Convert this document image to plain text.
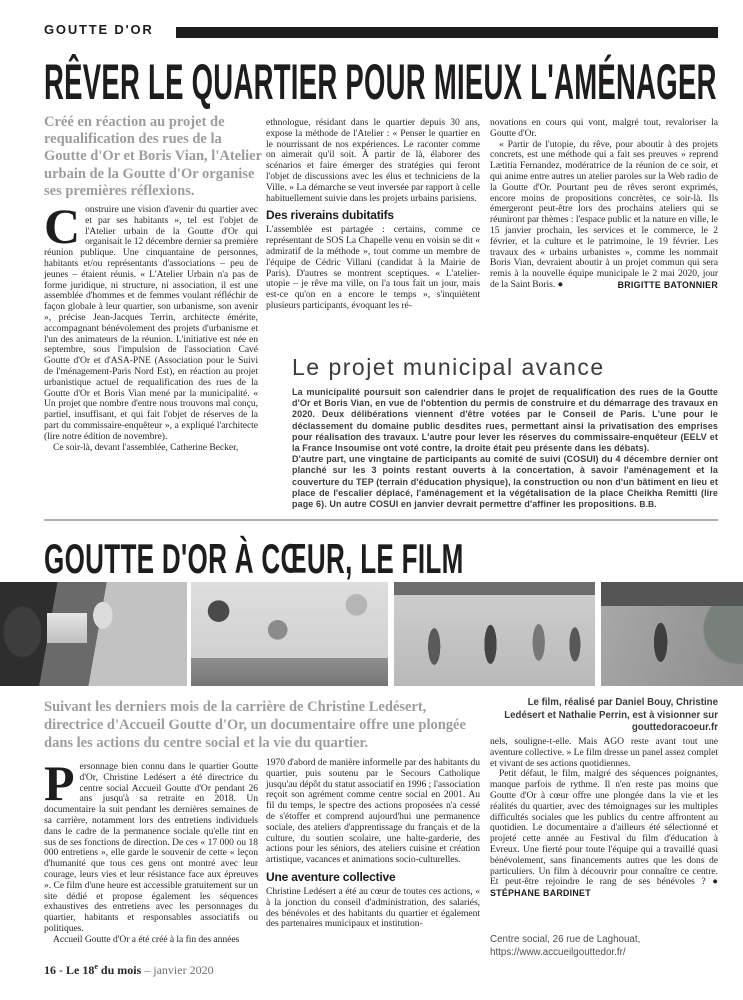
GOUTTE D'OR
RÊVER LE QUARTIER POUR MIEUX L'AMÉNAGER
Créé en réaction au projet de requalification des rues de la Goutte d'Or et Boris Vian, l'Atelier urbain de la Goutte d'Or organise ses premières réflexions.

Construire une vision d'avenir du quartier avec et par ses habitants », tel est l'objet de l'Atelier urbain de la Goutte d'Or qui organisait le 12 décembre dernier sa première réunion publique. Une cinquantaine de personnes, habitants et/ou représentants d'associations – peu de jeunes – étaient réunis. « L'Atelier Urbain n'a pas de forme juridique, ni structure, ni association, il est une assemblée d'hommes et de femmes voulant réfléchir de façon globale à leur quartier, son urbanisme, son avenir », précise Jean-Jacques Terrin, architecte émérite, accompagnant bénévolement des projets d'urbanisme et l'un des animateurs de la réunion. L'initiative est née en septembre, sous l'impulsion de l'association Cavé Goutte d'Or et d'ASA-PNE (Association pour le Suivi de l'ménagement-Paris Nord Est), en réaction au projet urbanistique actuel de requalification des rues de la Goutte d'Or et Boris Vian mené par la municipalité. « Un projet que nombre d'entre nous trouvons mal conçu, partiel, insuffisant, et qui fait l'objet de réserves de la part du commissaire-enquêteur », a expliqué l'architecte (lire notre édition de novembre).

Ce soir-là, devant l'assemblée, Catherine Becker,

ethnologue, résidant dans le quartier depuis 30 ans, expose la méthode de l'Atelier : « Penser le quartier en le nourrissant de nos expériences. Le raconter comme on aimerait qu'il soit. À partir de là, élaborer des scénarios et faire émerger des stratégies qui feront l'objet de discussions avec les élus et techniciens de la Ville. » La démarche se veut inversée par rapport à celle habituellement suivie dans les projets urbains parisiens.

Des riverains dubitatifs

L'assemblée est partagée : certains, comme ce représentant de SOS La Chapelle venu en voisin se dit « admiratif de la méthode », tout comme un membre de l'équipe de Cédric Villani (candidat à la Mairie de Paris). D'autres se montrent sceptiques. « L'atelier-utopie – je rêve ma ville, on l'a tous fait un jour, mais est-ce qu'on en a encore le temps », s'inquiètent plusieurs participants, évoquant les ré-

novations en cours qui vont, malgré tout, revaloriser la Goutte d'Or.

« Partir de l'utopie, du rêve, pour aboutir à des projets concrets, est une méthode qui a fait ses preuves » reprend Lætitia Fernandez, modératrice de la réunion de ce soir, et qui anime entre autres un atelier paroles sur la Web radio de la Goutte d'Or. Pourtant peu de rêves seront exprimés, encore moins de propositions concrètes, ce soir-là. Ils émergeront peut-être lors des prochains ateliers qui se réuniront par thèmes : l'espace public et la nature en ville, le 15 janvier prochain, les services et le commerce, le 2 février, et la culture et le patrimoine, le 19 février. Les travaux des « urbains urbanistes », comme les nommait Boris Vian, devraient aboutir à un projet commun qui sera remis à la nouvelle équipe municipale le 2 mai 2020, jour de la Saint Boris. ●	BRIGITTE BATONNIER
Le projet municipal avance

La municipalité poursuit son calendrier dans le projet de requalification des rues de la Goutte d'Or et Boris Vian, en vue de l'obtention du permis de construire et du démarrage des travaux en 2020. Deux délibérations viennent d'être votées par le Conseil de Paris. L'une pour le déclassement du domaine public desdites rues, permettant ainsi la privatisation des emprises pour réalisation des travaux. L'autre pour lever les réserves du commissaire-enquêteur (EELV et la France Insoumise ont voté contre, la droite était peu présente dans les débats).

D'autre part, une vingtaine de participants au comité de suivi (COSUI) du 4 décembre dernier ont planché sur les 3 points restant ouverts à la concertation, à savoir l'aménagement et la couverture du TEP (terrain d'éducation physique), la construction ou non d'un bâtiment en lieu et place de l'escalier déplacé, l'aménagement et la végétalisation de la place Cheikha Remitti (lire page 6). Un autre COSUI en janvier devrait permettre d'affiner les propositions. B.B.

GOUTTE D'OR À CŒUR, LE FILM
Le film, réalisé par Daniel Bouy, Christine Ledésert et Nathalie Perrin, est à visionner sur gouttedoracoeur.fr
Suivant les derniers mois de la carrière de Christine Ledésert, directrice d'Accueil Goutte d'Or, un documentaire offre une plongée dans les actions du centre social et la vie du quartier.

Personnage bien connu dans le quartier Goutte d'Or, Christine Ledésert a été directrice du centre social Accueil Goutte d'Or pendant 26 ans jusqu'à sa retraite en 2018. Un documentaire la suit pendant les dernières semaines de sa carrière, notamment lors des entretiens individuels dans le cadre de la permanence sociale qu'elle tint en sus de ses fonctions de direction. De ces « 17 000 ou 18 000 entretiens », elle garde le souvenir de cette « leçon d'humanité que tous ces gens ont montré avec leur courage, leurs vies et leur résistance face aux épreuves ». Ce film d'une heure est accessible gratuitement sur un site dédié et propose également les séquences exhaustives des entretiens avec les personnages du quartier, habitants et responsables associatifs ou politiques.

Accueil Goutte d'Or a été créé à la fin des années

1970 d'abord de manière informelle par des habitants du quartier, puis soutenu par le Secours Catholique jusqu'au dépôt du statut associatif en 1996 ; l'association reçoit son agrément comme centre social en 2001. Au fil du temps, le spectre des actions proposées n'a cessé de s'étoffer et comprend aujourd'hui une permanence sociale, des ateliers d'apprentissage du français et de la culture, du soutien scolaire, une halte-garderie, des actions pour les séniors, des ateliers cuisine et création artistique, vacances et animations socio-culturelles.

Une aventure collective

Christine Ledésert a été au cœur de toutes ces actions, « à la jonction du conseil d'administration, des salariés, des bénévoles et des habitants du quartier et également des partenaires municipaux et institution-

nels, souligne-t-elle. Mais AGO reste avant tout une aventure collective. » Le film dresse un panel assez complet et vivant de ses actions quotidiennes.

Petit défaut, le film, malgré des séquences poignantes, manque parfois de rythme. Il n'en reste pas moins que Goutte d'Or à cœur offre une plongée dans la vie et les réalités du quartier, avec des témoignages sur les multiples difficultés sociales que les publics du centre affrontent au quotidien. Le documentaire a d'ailleurs été sélectionné et projeté cette année au Festival du film d'éducation à Evreux. Une fierté pour toute l'équipe qui a travaillé quasi bénévolement, sans financements autres que les dons de particuliers. Un film à découvrir pour connaître ce centre. Et peut-être rejoindre le rang de ses bénévoles ? ● STÉPHANE BARDINET

Centre social, 26 rue de Laghouat, https://www.accueilgouttedor.fr/
16 - Le 18e du mois – janvier 2020
